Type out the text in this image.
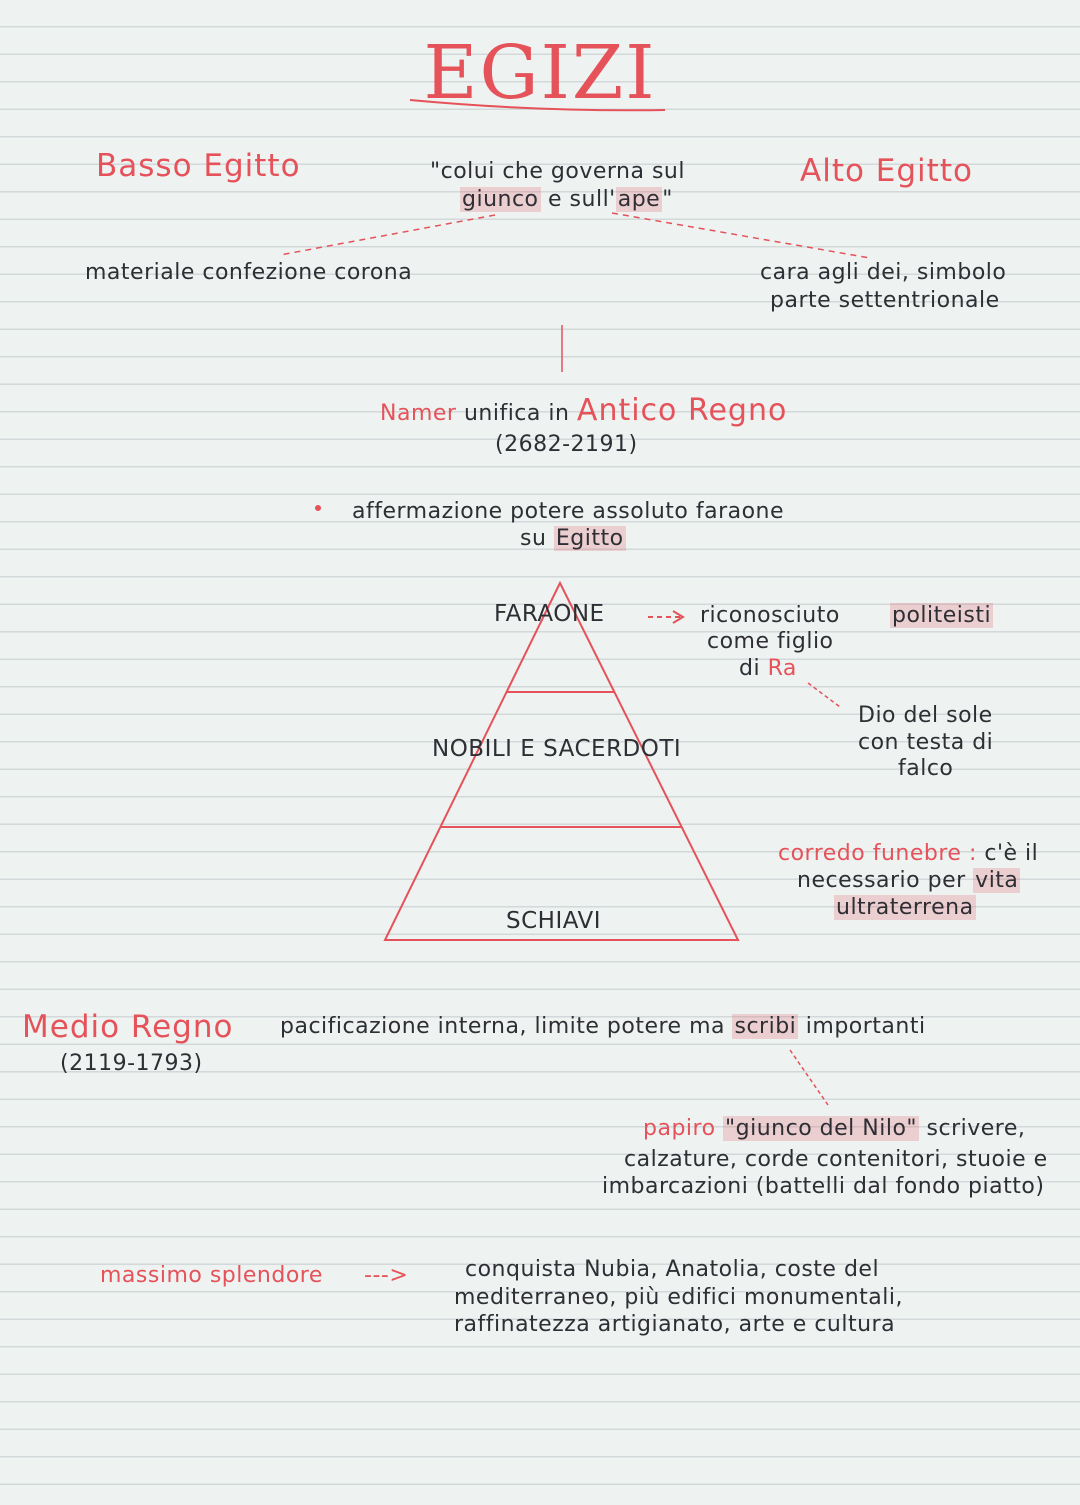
EGIZI
Basso Egitto
materiale confezione corona
Alto Egitto
cara agli dei, simbolo
parte settentrionale
"colui che governa sul
giunco e sull'ape"
Namer unifica in Antico Regno
(2682-2191)
affermazione potere assoluto faraone
su Egitto
FARAONE
NOBILI E SACERDOTI
SCHIAVI
riconosciuto
come figlio
di Ra
politeisti
Dio del sole
con testa di
falco
corredo funebre : c'è il
necessario per vita
ultraterrena
Medio Regno
(2119-1793)
pacificazione interna, limite potere ma scribi importanti
papiro "giunco del Nilo" scrivere,
calzature, corde contenitori, stuoie e
imbarcazioni (battelli dal fondo piatto)
massimo splendore --->	conquista Nubia, Anatolia, coste del
mediterraneo, più edifici monumentali,
raffinatezza artigianato, arte e cultura
